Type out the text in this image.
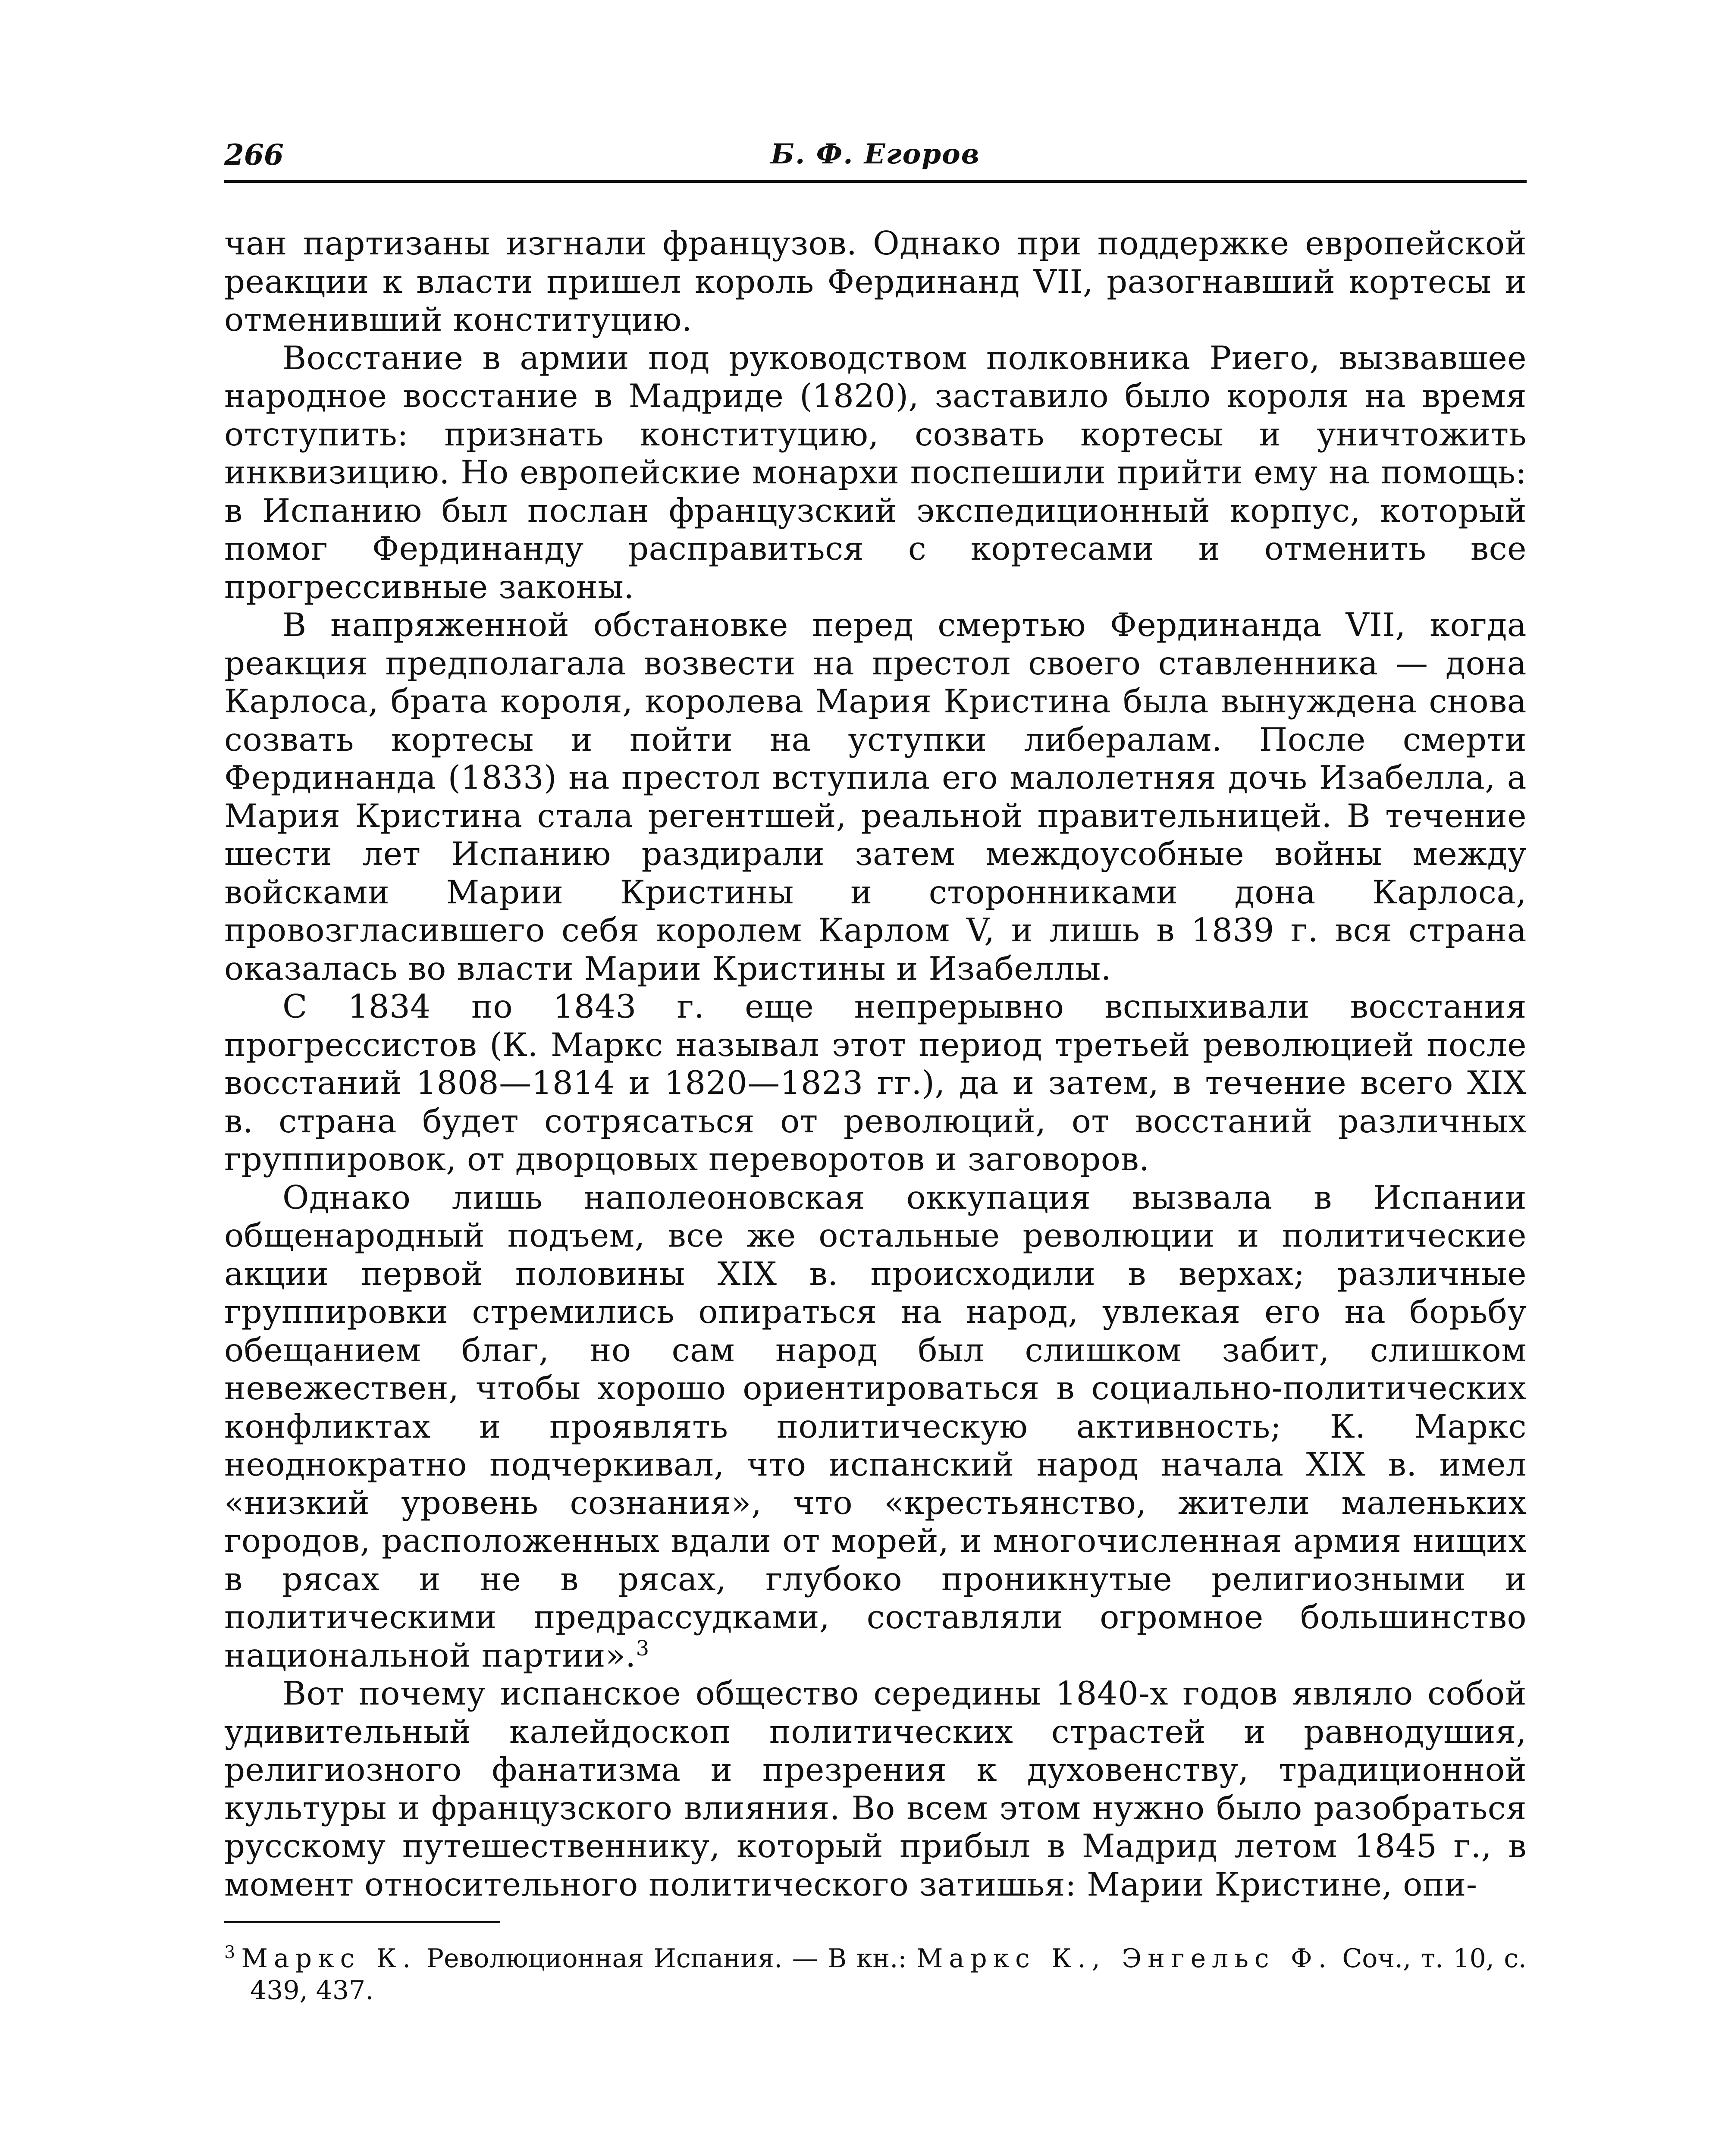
266	Б. Ф. Егоров

чан партизаны изгнали французов. Однако при поддержке европейской реакции к власти пришел король Фердинанд VII, разогнавший кортесы и отменивший конституцию.

Восстание в армии под руководством полковника Риего, вызвавшее народное восстание в Мадриде (1820), заставило было короля на время отступить: признать конституцию, созвать кортесы и уничтожить инквизицию. Но европейские монархи поспешили прийти ему на помощь: в Испанию был послан французский экспедиционный корпус, который помог Фердинанду расправиться с кортесами и отменить все прогрессивные законы.

В напряженной обстановке перед смертью Фердинанда VII, когда реакция предполагала возвести на престол своего ставленника — дона Карлоса, брата короля, королева Мария Кристина была вынуждена снова созвать кортесы и пойти на уступки либералам. После смерти Фердинанда (1833) на престол вступила его малолетняя дочь Изабелла, а Мария Кристина стала регентшей, реальной правительницей. В течение шести лет Испанию раздирали затем междоусобные войны между войсками Марии Кристины и сторонниками дона Карлоса, провозгласившего себя королем Карлом V, и лишь в 1839 г. вся страна оказалась во власти Марии Кристины и Изабеллы.

С 1834 по 1843 г. еще непрерывно вспыхивали восстания прогрессистов (К. Маркс называл этот период третьей революцией после восстаний 1808—1814 и 1820—1823 гг.), да и затем, в течение всего XIX в. страна будет сотрясаться от революций, от восстаний различных группировок, от дворцовых переворотов и заговоров.

Однако лишь наполеоновская оккупация вызвала в Испании общенародный подъем, все же остальные революции и политические акции первой половины XIX в. происходили в верхах; различные группировки стремились опираться на народ, увлекая его на борьбу обещанием благ, но сам народ был слишком забит, слишком невежествен, чтобы хорошо ориентироваться в социально-политических конфликтах и проявлять политическую активность; К. Маркс неоднократно подчеркивал, что испанский народ начала XIX в. имел «низкий уровень сознания», что «крестьянство, жители маленьких городов, расположенных вдали от морей, и многочисленная армия нищих в рясах и не в рясах, глубоко проникнутые религиозными и политическими предрассудками, составляли огромное большинство национальной партии».$^3$

Вот почему испанское общество середины 1840-х годов являло собой удивительный калейдоскоп политических страстей и равнодушия, религиозного фанатизма и презрения к духовенству, традиционной культуры и французского влияния. Во всем этом нужно было разобраться русскому путешественнику, который прибыл в Мадрид летом 1845 г., в момент относительного политического затишья: Марии Кристине, опи-

$^3$ Маркс К. Революционная Испания. — В кн.: Маркс К., Энгельс Ф. Соч., т. 10, с. 439, 437.
